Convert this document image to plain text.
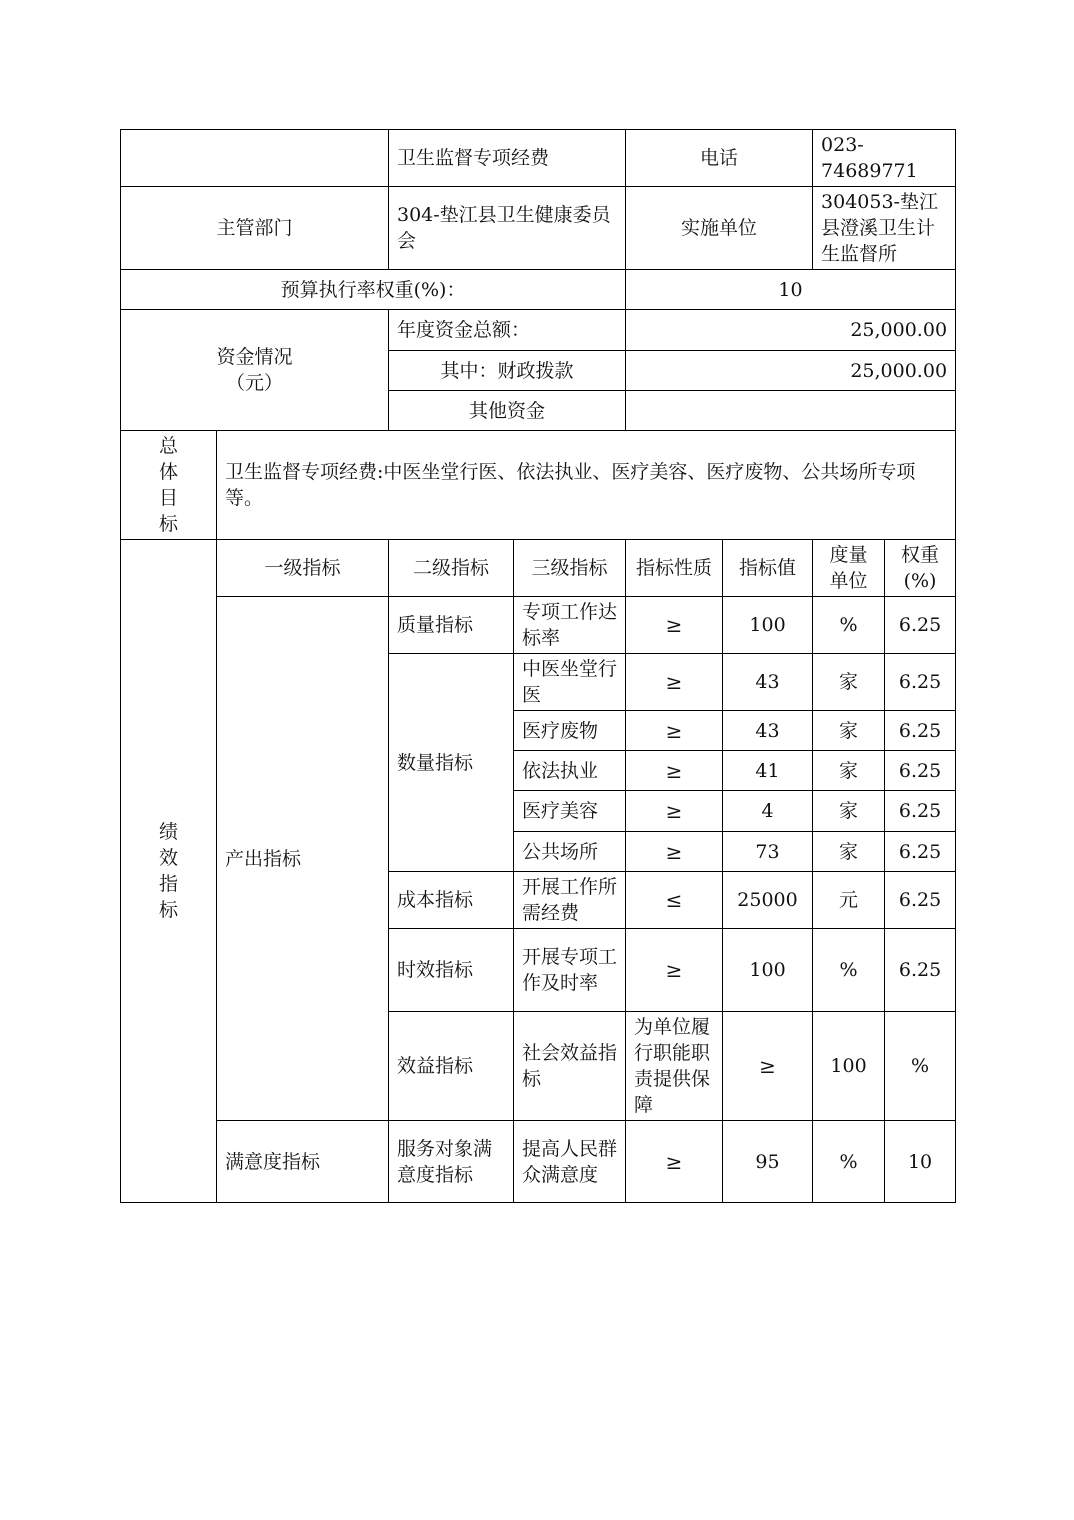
		卫生监督专项经费		电话		023-74689771		
主管部门		304-垫江县卫生健康委员会		实施单位		304053-垫江县澄溪卫生计生监督所		
预算执行率权重(%)：				10				

资金情况
（元）		年度资金总额：		25,000.00				
		其中：财政拨款		25,000.00				
		其他资金						

总
体
目
标	卫生监督专项经费:中医坐堂行医、依法执业、医疗美容、医疗废物、公共场所专项等。							

绩
效
指
标	一级指标	二级指标	三级指标	指标性质	指标值	度量单位	权重(%)	
	产出指标	质量指标	专项工作达标率	≥	100	%	6.25	
		数量指标	中医坐堂行医	≥	43	家	6.25	
			医疗废物	≥	43	家	6.25	
			依法执业	≥	41	家	6.25	
			医疗美容	≥	4	家	6.25	
			公共场所	≥	73	家	6.25	
		成本指标	开展工作所需经费	≤	25000	元	6.25	
		时效指标	开展专项工作及时率	≥	100	%	6.25	
		效益指标	社会效益指标	为单位履行职能职责提供保障	≥	100	%	
	满意度指标	服务对象满意度指标	提高人民群众满意度	≥	95	%	10	
